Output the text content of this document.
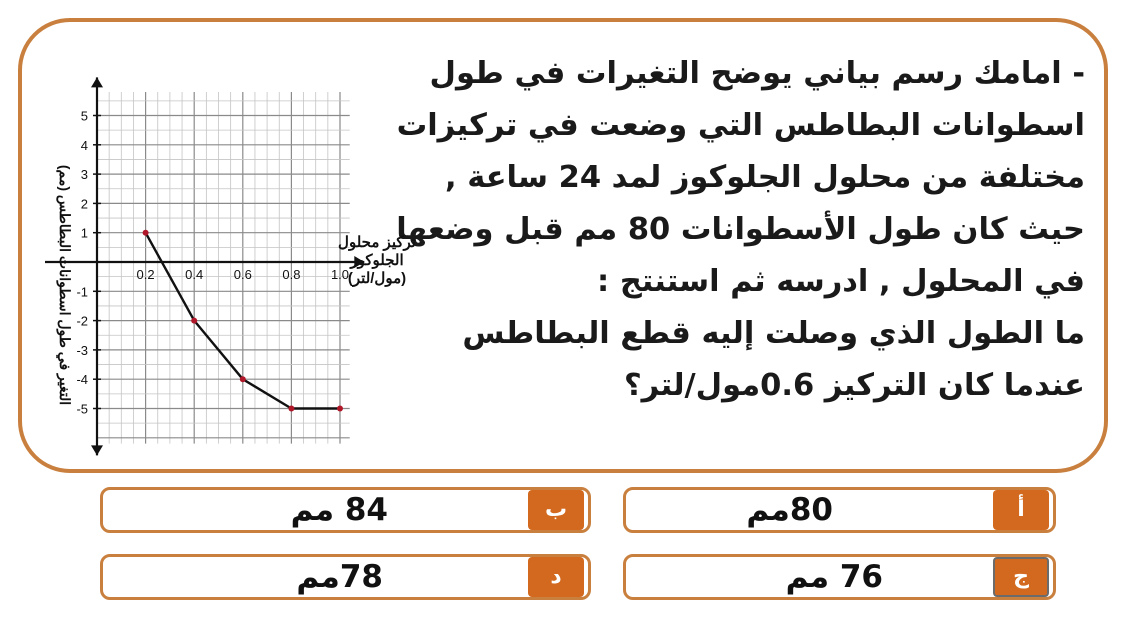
- امامك رسم بياني يوضح التغيرات في طول
اسطوانات البطاطس التي وضعت في تركيزات
مختلفة من محلول الجلوكوز لمد 24 ساعة ,
حيث كان طول الأسطوانات 80 مم قبل وضعها
في المحلول , ادرسه ثم استنتج :
ما الطول الذي وصلت إليه قطع البطاطس
عندما كان التركيز 0.6مول/لتر؟
5
4
3
2
1
-1
-2
-3
-4
-5
0.2 0.4 0.6 0.8 1.0
التغير في طول اسطوانات البطاطس (مم)	تركيز محلول
الجلوكوز
(مول/لتر)
80مم	أ
84 مم	ب
76 مم	ج
78مم	د
